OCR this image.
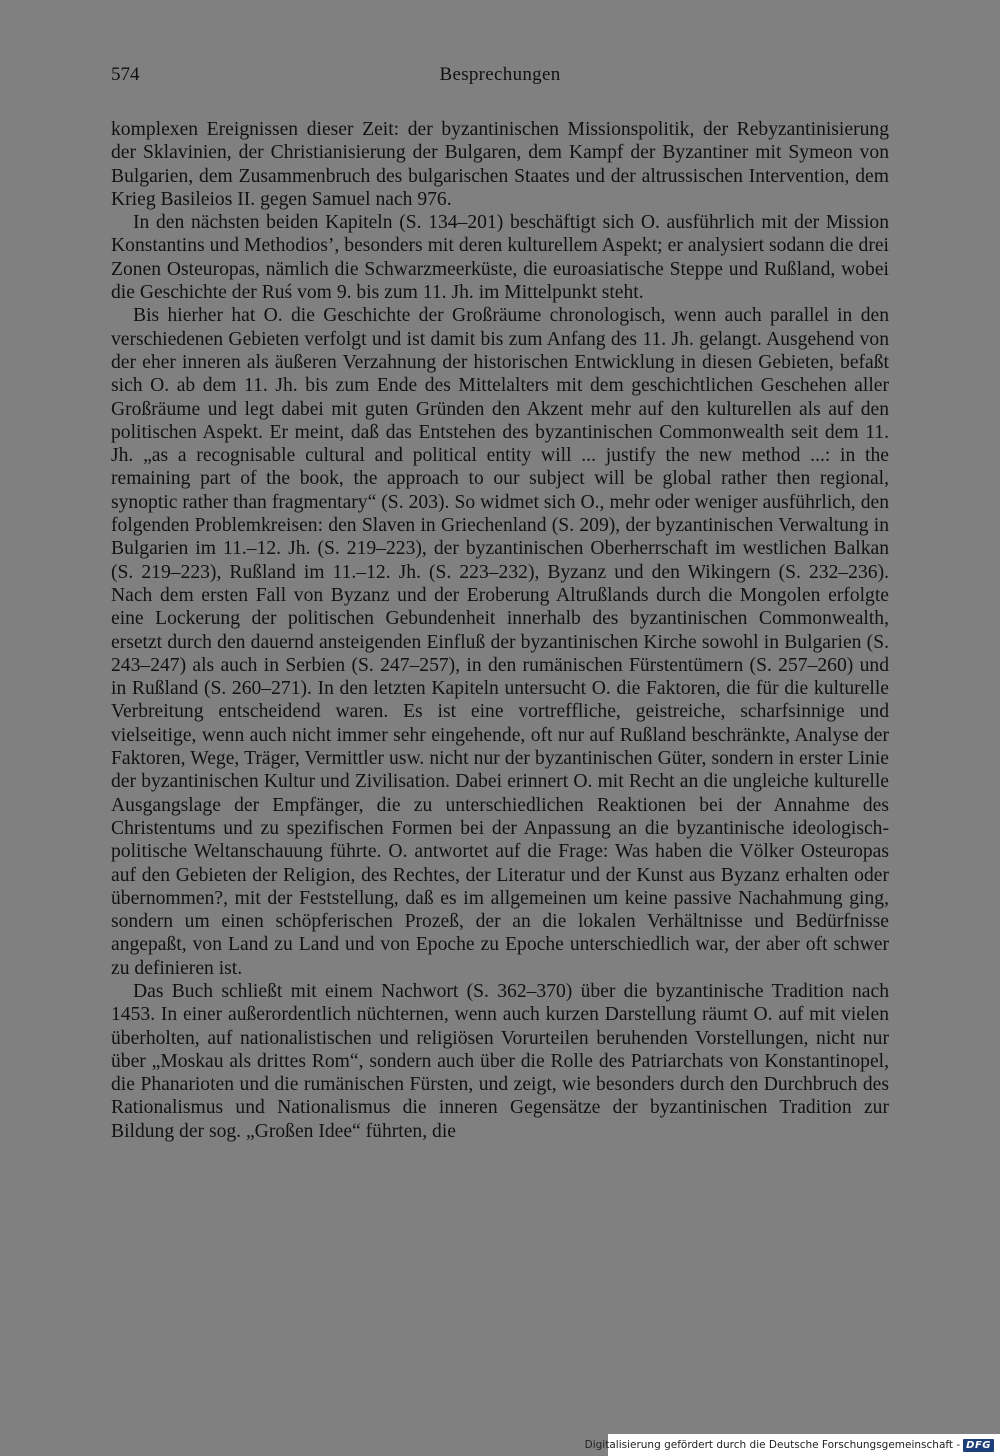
574	Besprechungen

komplexen Ereignissen dieser Zeit: der byzantinischen Missionspolitik, der Rebyzantinisierung der Sklavinien, der Christianisierung der Bulgaren, dem Kampf der Byzantiner mit Symeon von Bulgarien, dem Zusammenbruch des bulgarischen Staates und der altrussischen Intervention, dem Krieg Basileios II. gegen Samuel nach 976.

In den nächsten beiden Kapiteln (S. 134–201) beschäftigt sich O. ausführlich mit der Mission Konstantins und Methodios’, besonders mit deren kulturellem Aspekt; er analysiert sodann die drei Zonen Osteuropas, nämlich die Schwarzmeerküste, die euroasiatische Steppe und Rußland, wobei die Geschichte der Ruś vom 9. bis zum 11. Jh. im Mittelpunkt steht.

Bis hierher hat O. die Geschichte der Großräume chronologisch, wenn auch parallel in den verschiedenen Gebieten verfolgt und ist damit bis zum Anfang des 11. Jh. gelangt. Ausgehend von der eher inneren als äußeren Verzahnung der historischen Entwicklung in diesen Gebieten, befaßt sich O. ab dem 11. Jh. bis zum Ende des Mittelalters mit dem geschichtlichen Geschehen aller Großräume und legt dabei mit guten Gründen den Akzent mehr auf den kulturellen als auf den politischen Aspekt. Er meint, daß das Entstehen des byzantinischen Commonwealth seit dem 11. Jh. „as a recognisable cultural and political entity will ... justify the new method ...: in the remaining part of the book, the approach to our subject will be global rather then regional, synoptic rather than fragmentary“ (S. 203). So widmet sich O., mehr oder weniger ausführlich, den folgenden Problemkreisen: den Slaven in Griechenland (S. 209), der byzantinischen Verwaltung in Bulgarien im 11.–12. Jh. (S. 219–223), der byzantinischen Oberherrschaft im westlichen Balkan (S. 219–223), Rußland im 11.–12. Jh. (S. 223–232), Byzanz und den Wikingern (S. 232–236). Nach dem ersten Fall von Byzanz und der Eroberung Altrußlands durch die Mongolen erfolgte eine Lockerung der politischen Gebundenheit innerhalb des byzantinischen Commonwealth, ersetzt durch den dauernd ansteigenden Einfluß der byzantinischen Kirche sowohl in Bulgarien (S. 243–247) als auch in Serbien (S. 247–257), in den rumänischen Fürstentümern (S. 257–260) und in Rußland (S. 260–271). In den letzten Kapiteln untersucht O. die Faktoren, die für die kulturelle Verbreitung entscheidend waren. Es ist eine vortreffliche, geistreiche, scharfsinnige und vielseitige, wenn auch nicht immer sehr eingehende, oft nur auf Rußland beschränkte, Analyse der Faktoren, Wege, Träger, Vermittler usw. nicht nur der byzantinischen Güter, sondern in erster Linie der byzantinischen Kultur und Zivilisation. Dabei erinnert O. mit Recht an die ungleiche kulturelle Ausgangslage der Empfänger, die zu unterschiedlichen Reaktionen bei der Annahme des Christentums und zu spezifischen Formen bei der Anpassung an die byzantinische ideologisch-politische Weltanschauung führte. O. antwortet auf die Frage: Was haben die Völker Osteuropas auf den Gebieten der Religion, des Rechtes, der Literatur und der Kunst aus Byzanz erhalten oder übernommen?, mit der Feststellung, daß es im allgemeinen um keine passive Nachahmung ging, sondern um einen schöpferischen Prozeß, der an die lokalen Verhältnisse und Bedürfnisse angepaßt, von Land zu Land und von Epoche zu Epoche unterschiedlich war, der aber oft schwer zu definieren ist.

Das Buch schließt mit einem Nachwort (S. 362–370) über die byzantinische Tradition nach 1453. In einer außerordentlich nüchternen, wenn auch kurzen Darstellung räumt O. auf mit vielen überholten, auf nationalistischen und religiösen Vorurteilen beruhenden Vorstellungen, nicht nur über „Moskau als drittes Rom“, sondern auch über die Rolle des Patriarchats von Konstantinopel, die Phanarioten und die rumänischen Fürsten, und zeigt, wie besonders durch den Durchbruch des Rationalismus und Nationalismus die inneren Gegensätze der byzantinischen Tradition zur Bildung der sog. „Großen Idee“ führten, die

Digitalisierung gefördert durch die Deutsche Forschungsgemeinschaft - DFG
